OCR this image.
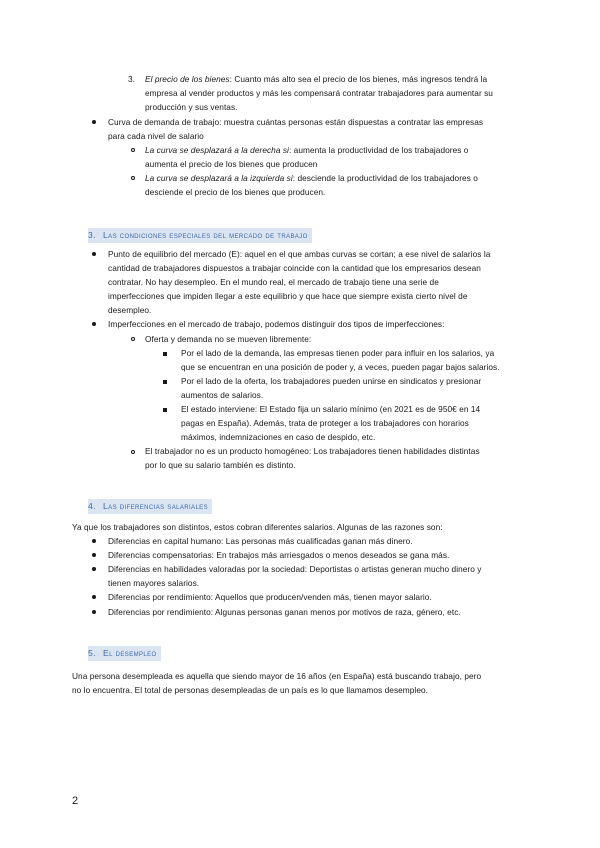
3. El precio de los bienes: Cuanto más alto sea el precio de los bienes, más ingresos tendrá la
empresa al vender productos y más les compensará contratar trabajadores para aumentar su
producción y sus ventas.
Curva de demanda de trabajo: muestra cuántas personas están dispuestas a contratar las empresas
para cada nivel de salario
La curva se desplazará a la derecha si: aumenta la productividad de los trabajadores o
aumenta el precio de los bienes que producen
La curva se desplazará a la izquierda si: desciende la productividad de los trabajadores o
desciende el precio de los bienes que producen.
3. Las condiciones especiales del mercado de trabajo
Punto de equilibrio del mercado (E): aquel en el que ambas curvas se cortan; a ese nivel de salarios la
cantidad de trabajadores dispuestos a trabajar coincide con la cantidad que los empresarios desean
contratar. No hay desempleo. En el mundo real, el mercado de trabajo tiene una serie de
imperfecciones que impiden llegar a este equilibrio y que hace que siempre exista cierto nivel de
desempleo.
Imperfecciones en el mercado de trabajo, podemos distinguir dos tipos de imperfecciones:
Oferta y demanda no se mueven libremente:
Por el lado de la demanda, las empresas tienen poder para influir en los salarios, ya
que se encuentran en una posición de poder y, a veces, pueden pagar bajos salarios.
Por el lado de la oferta, los trabajadores pueden unirse en sindicatos y presionar
aumentos de salarios.
El estado interviene: El Estado fija un salario mínimo (en 2021 es de 950€ en 14
pagas en España). Además, trata de proteger a los trabajadores con horarios
máximos, indemnizaciones en caso de despido, etc.
El trabajador no es un producto homogéneo: Los trabajadores tienen habilidades distintas
por lo que su salario también es distinto.
4. Las diferencias salariales
Ya que los trabajadores son distintos, estos cobran diferentes salarios. Algunas de las razones son:
Diferencias en capital humano: Las personas más cualificadas ganan más dinero.
Diferencias compensatorias: En trabajos más arriesgados o menos deseados se gana más.
Diferencias en habilidades valoradas por la sociedad: Deportistas o artistas generan mucho dinero y
tienen mayores salarios.
Diferencias por rendimiento: Aquellos que producen/venden más, tienen mayor salario.
Diferencias por rendimiento: Algunas personas ganan menos por motivos de raza, género, etc.
5. El desempleo
Una persona desempleada es aquella que siendo mayor de 16 años (en España) está buscando trabajo, pero
no lo encuentra. El total de personas desempleadas de un país es lo que llamamos desempleo.
2
